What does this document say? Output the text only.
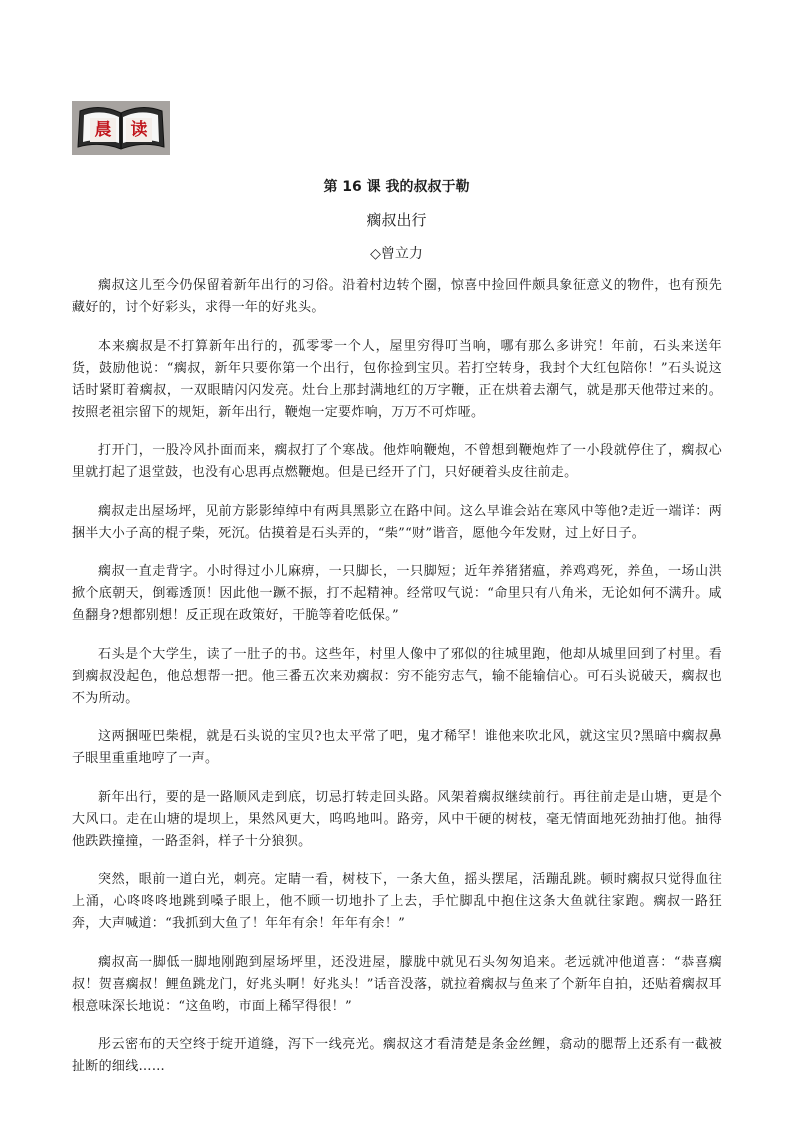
晨 读
第 16 课 我的叔叔于勒
瘸叔出行
◇曾立力

瘸叔这儿至今仍保留着新年出行的习俗。沿着村边转个圈，惊喜中捡回件颇具象征意义的物件，也有预先藏好的，讨个好彩头，求得一年的好兆头。

本来瘸叔是不打算新年出行的，孤零零一个人，屋里穷得叮当响，哪有那么多讲究！年前，石头来送年货，鼓励他说：“瘸叔，新年只要你第一个出行，包你捡到宝贝。若打空转身，我封个大红包陪你！”石头说这话时紧盯着瘸叔，一双眼睛闪闪发亮。灶台上那封满地红的万字鞭，正在烘着去潮气，就是那天他带过来的。按照老祖宗留下的规矩，新年出行，鞭炮一定要炸响，万万不可炸哑。

打开门，一股冷风扑面而来，瘸叔打了个寒战。他炸响鞭炮，不曾想到鞭炮炸了一小段就停住了，瘸叔心里就打起了退堂鼓，也没有心思再点燃鞭炮。但是已经开了门，只好硬着头皮往前走。

瘸叔走出屋场坪，见前方影影绰绰中有两具黑影立在路中间。这么早谁会站在寒风中等他?走近一端详：两捆半大小子高的棍子柴，死沉。估摸着是石头弄的，“柴”“财”谐音，愿他今年发财，过上好日子。

瘸叔一直走背字。小时得过小儿麻痹，一只脚长，一只脚短；近年养猪猪瘟，养鸡鸡死，养鱼，一场山洪掀个底朝天，倒霉透顶！因此他一蹶不振，打不起精神。经常叹气说：“命里只有八角米，无论如何不满升。咸鱼翻身?想都别想！反正现在政策好，干脆等着吃低保。”

石头是个大学生，读了一肚子的书。这些年，村里人像中了邪似的往城里跑，他却从城里回到了村里。看到瘸叔没起色，他总想帮一把。他三番五次来劝瘸叔：穷不能穷志气，输不能输信心。可石头说破天，瘸叔也不为所动。

这两捆哑巴柴棍，就是石头说的宝贝?也太平常了吧，鬼才稀罕！谁他来吹北风，就这宝贝?黑暗中瘸叔鼻子眼里重重地哼了一声。

新年出行，要的是一路顺风走到底，切忌打转走回头路。风架着瘸叔继续前行。再往前走是山塘，更是个大风口。走在山塘的堤坝上，果然风更大，呜呜地叫。路旁，风中干硬的树枝，毫无情面地死劲抽打他。抽得他跌跌撞撞，一路歪斜，样子十分狼狈。

突然，眼前一道白光，刺亮。定睛一看，树枝下，一条大鱼，摇头摆尾，活蹦乱跳。顿时瘸叔只觉得血往上涌，心咚咚咚地跳到嗓子眼上，他不顾一切地扑了上去，手忙脚乱中抱住这条大鱼就往家跑。瘸叔一路狂奔，大声喊道：“我抓到大鱼了！年年有余！年年有余！”

瘸叔高一脚低一脚地刚跑到屋场坪里，还没进屋，朦胧中就见石头匆匆追来。老远就冲他道喜：“恭喜瘸叔！贺喜瘸叔！鲤鱼跳龙门，好兆头啊！好兆头！”话音没落，就拉着瘸叔与鱼来了个新年自拍，还贴着瘸叔耳根意味深长地说：“这鱼哟，市面上稀罕得很！”

彤云密布的天空终于绽开道缝，泻下一线亮光。瘸叔这才看清楚是条金丝鲤，翕动的腮帮上还系有一截被扯断的细线……
